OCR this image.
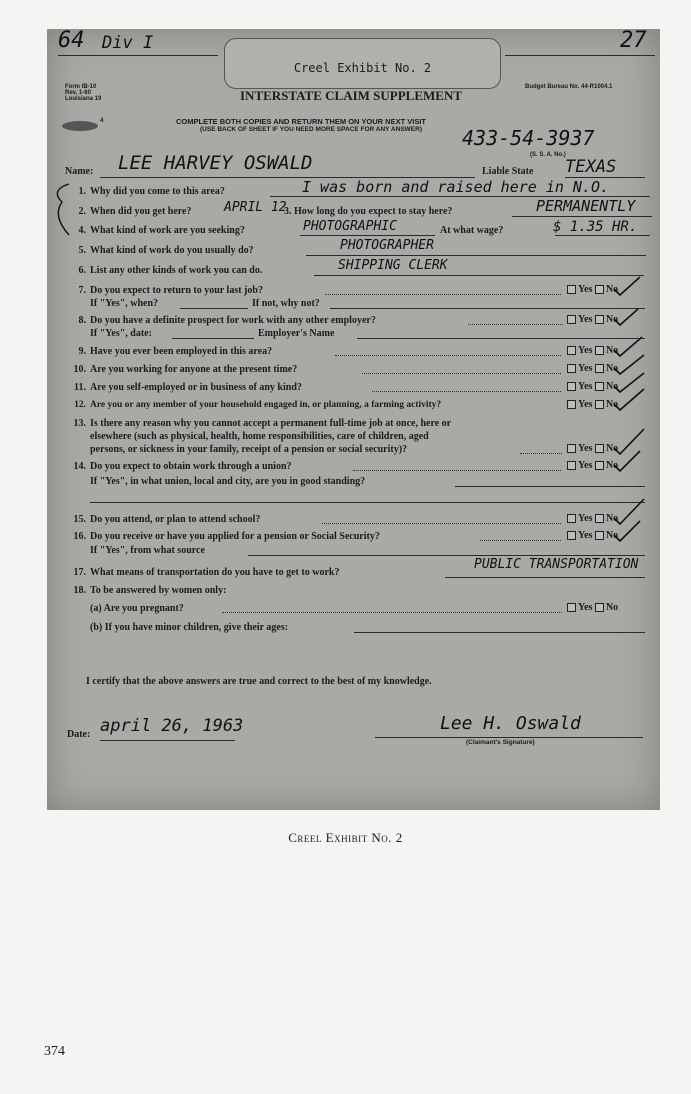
64 Div I	27
Creel Exhibit No. 2
Form IB-10
Rev. 1-60
Louisiana 19
Budget Bureau No. 44-R1004.1
INTERSTATE CLAIM SUPPLEMENT
4	COMPLETE BOTH COPIES AND RETURN THEM ON YOUR NEXT VISIT
(USE BACK OF SHEET IF YOU NEED MORE SPACE FOR ANY ANSWER) 433-54-3937
(S. S. A. No.)
Name: LEE HARVEY OSWALD	Liable State TEXAS
1. Why did you come to this area?	I was born and raised here in N.O.
2. When did you get here?	APRIL 12
3. How long do you expect to stay here?	PERMANENTLY
4. What kind of work are you seeking?	PHOTOGRAPHIC	At what wage?	$ 1.35 HR.
5. What kind of work do you usually do?	PHOTOGRAPHER
6. List any other kinds of work you can do.	SHIPPING CLERK
7. Do you expect to return to your last job?	Yes No
If "Yes", when?	If not, why not?
8. Do you have a definite prospect for work with any other employer?	Yes No
If "Yes", date:	Employer's Name
9. Have you ever been employed in this area?	Yes No
10. Are you working for anyone at the present time?	Yes No
11. Are you self-employed or in business of any kind?	Yes No
12. Are you or any member of your household engaged in, or planning, a farming activity?	Yes No
13. Is there any reason why you cannot accept a permanent full-time job at once, here or
elsewhere (such as physical, health, home responsibilities, care of children, aged
persons, or sickness in your family, receipt of a pension or social security)?	Yes No
14. Do you expect to obtain work through a union?	Yes No
If "Yes", in what union, local and city, are you in good standing?
15. Do you attend, or plan to attend school?	Yes No
16. Do you receive or have you applied for a pension or Social Security?	Yes No
If "Yes", from what source
17. What means of transportation do you have to get to work?
PUBLIC TRANSPORTATION
18. To be answered by women only:
(a) Are you pregnant?	Yes No
(b) If you have minor children, give their ages:
I certify that the above answers are true and correct to the best of my knowledge.
Date: april 26, 1963	Lee H. Oswald
(Claimant's Signature)
Creel Exhibit No. 2
374
